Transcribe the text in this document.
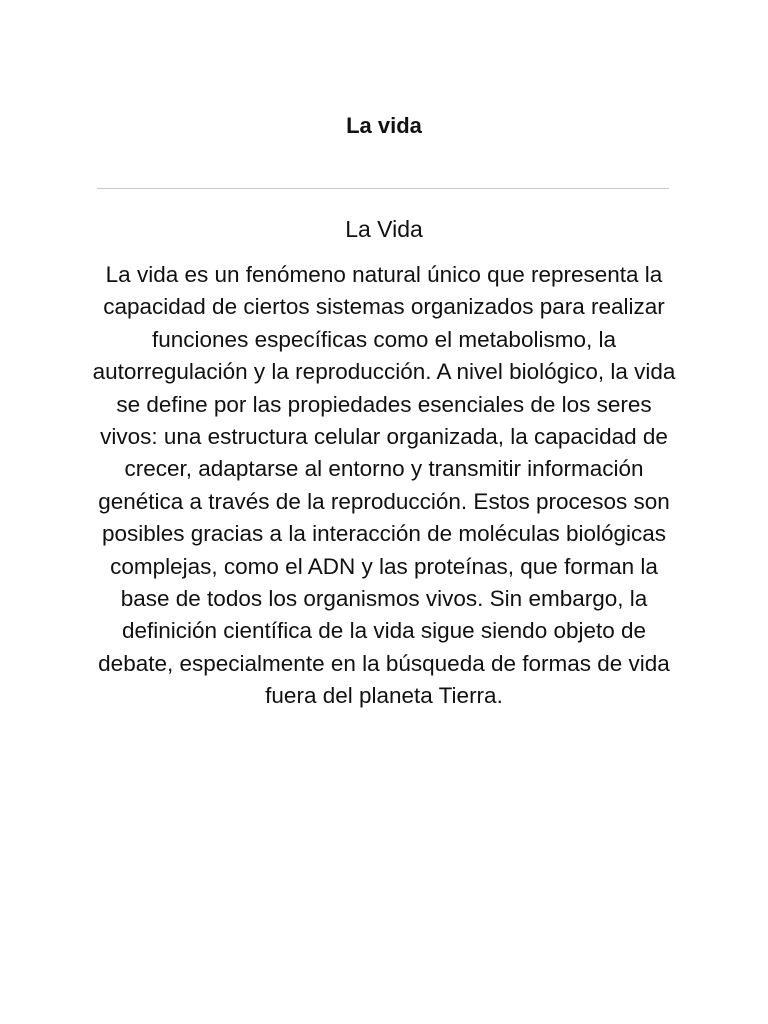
La vida
La Vida

La vida es un fenómeno natural único que representa la capacidad de ciertos sistemas organizados para realizar funciones específicas como el metabolismo, la autorregulación y la reproducción. A nivel biológico, la vida se define por las propiedades esenciales de los seres vivos: una estructura celular organizada, la capacidad de crecer, adaptarse al entorno y transmitir información genética a través de la reproducción. Estos procesos son posibles gracias a la interacción de moléculas biológicas complejas, como el ADN y las proteínas, que forman la base de todos los organismos vivos. Sin embargo, la definición científica de la vida sigue siendo objeto de debate, especialmente en la búsqueda de formas de vida fuera del planeta Tierra.
